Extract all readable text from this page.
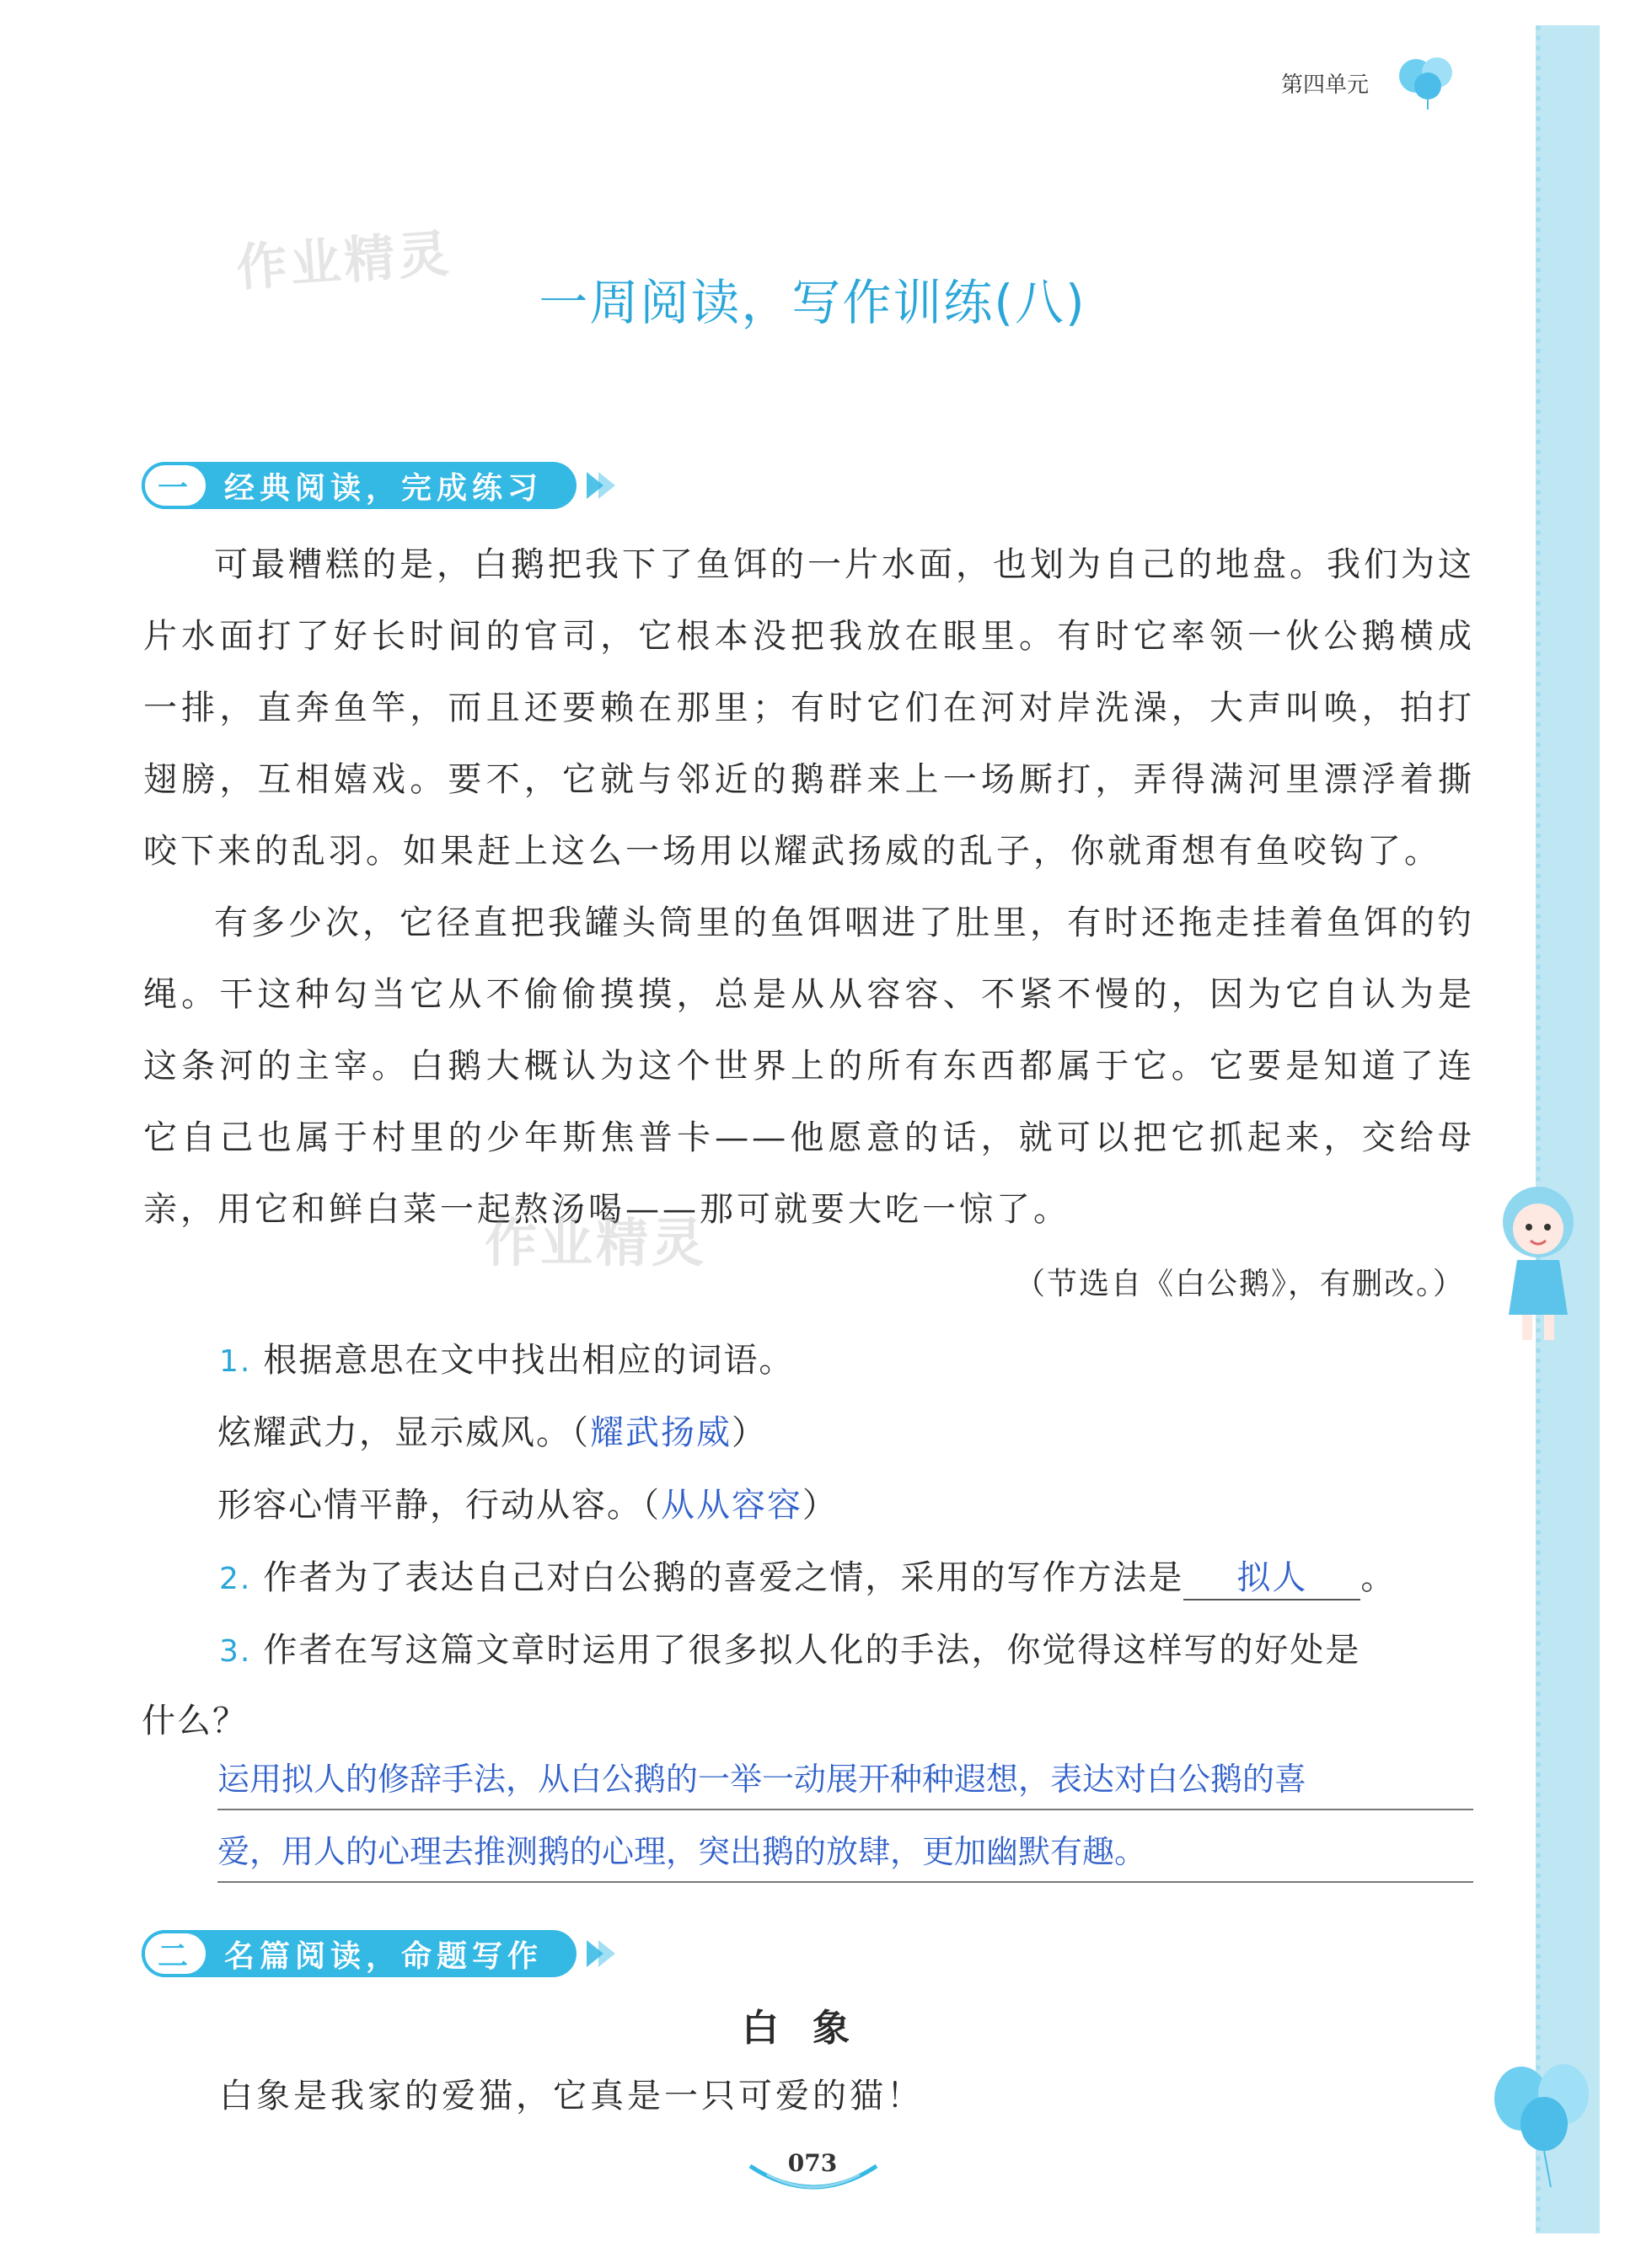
第四单元
作业精灵
一周阅读，写作训练(八)
一	经典阅读，完成练习

可最糟糕的是，白鹅把我下了鱼饵的一片水面，也划为自己的地盘。我们为这片水面打了好长时间的官司，它根本没把我放在眼里。有时它率领一伙公鹅横成一排，直奔鱼竿，而且还要赖在那里；有时它们在河对岸洗澡，大声叫唤，拍打翅膀，互相嬉戏。要不，它就与邻近的鹅群来上一场厮打，弄得满河里漂浮着撕咬下来的乱羽。如果赶上这么一场用以耀武扬威的乱子，你就甭想有鱼咬钩了。

有多少次，它径直把我罐头筒里的鱼饵咽进了肚里，有时还拖走挂着鱼饵的钓绳。干这种勾当它从不偷偷摸摸，总是从从容容、不紧不慢的，因为它自认为是这条河的主宰。白鹅大概认为这个世界上的所有东西都属于它。它要是知道了连它自己也属于村里的少年斯焦普卡——他愿意的话，就可以把它抓起来，交给母亲，用它和鲜白菜一起熬汤喝——那可就要大吃一惊了。

作业精灵
（节选自《白公鹅》，有删改。）
1. 根据意思在文中找出相应的词语。
炫耀武力，显示威风。（耀武扬威）
形容心情平静，行动从容。（从从容容）
2. 作者为了表达自己对白公鹅的喜爱之情，采用的写作方法是 拟人 。
3. 作者在写这篇文章时运用了很多拟人化的手法，你觉得这样写的好处是
什么？
运用拟人的修辞手法，从白公鹅的一举一动展开种种遐想，表达对白公鹅的喜
爱，用人的心理去推测鹅的心理，突出鹅的放肆，更加幽默有趣。
二	名篇阅读，命题写作
白象
白象是我家的爱猫，它真是一只可爱的猫！
073
